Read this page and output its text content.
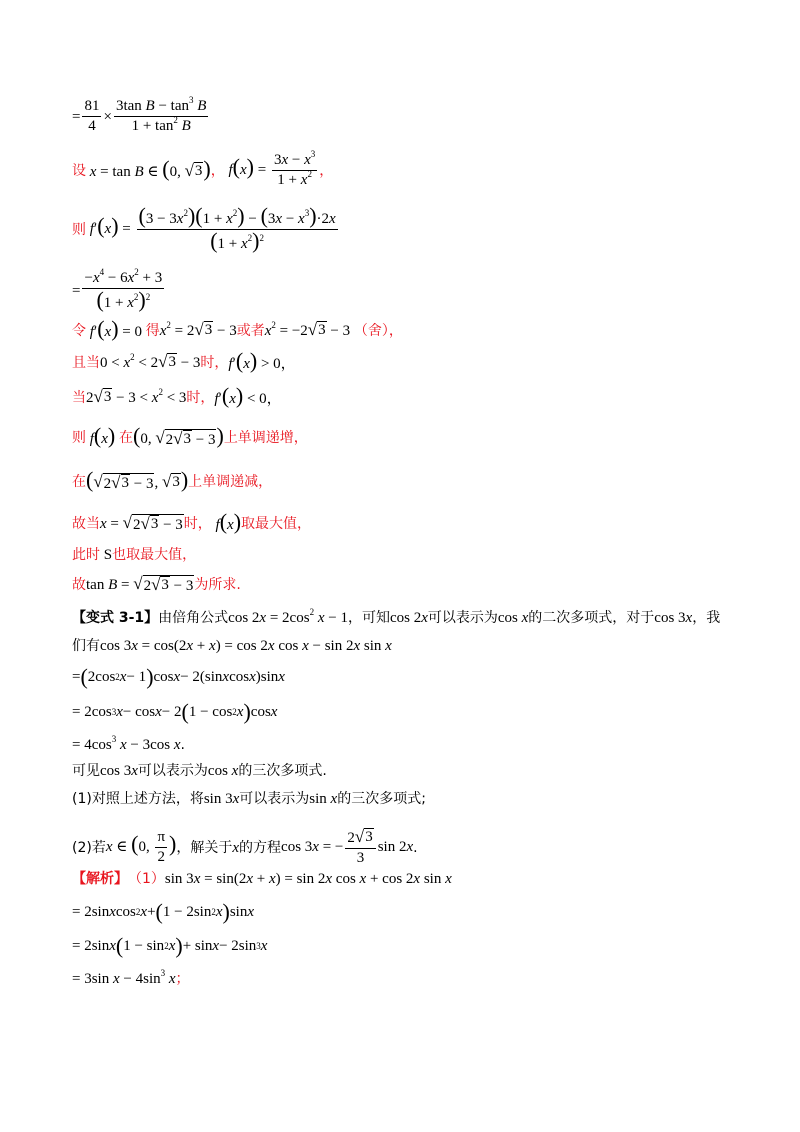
= $\frac{81}{4} \times \frac{3\tan B - \tan^3 B}{1 + \tan^2 B}$
设 x = tan B ∈ (0, √ 3 ) ， $f(x) = \frac{3x - x^3}{1 + x^2}$ ，
则 $f'(x) = \frac{(3 - 3x^2)(1 + x^2) - (3x - x^3)\cdot 2x}{(1 + x^2)^2}$
= $\frac{-x^4 - 6x^2 + 3}{(1 + x^2)^2}$
令 f′(x) = 0 得 $x^2 = 2$ √ 3 − 3 或者 $x^2 = -2$ √ 3 − 3 （舍），
且当 $0 < x^2 < 2$ √ 3 − 3 时， f′(x) > 0，
当 2 √ $3 - 3 < x^2 < 3$ 时， f′(x) < 0，
则 f(x) 在 (0, √ 2 √ 3 − 3 ) 上单调递增，
在 ( √ 2 √ 3 − 3 , √ 3 ) 上单调递减，
故当 x = √ 2 √ 3 − 3 时， f(x) 取最大值，
此时 S 也取最大值，
故 tan B = √ 2 √ 3 − 3 为所求.
【变式 3-1】 由倍角公式 $\cos 2x = 2\cos^2$ x − 1 ，可知 cos 2x 可以表示为 cos x 的二次多项式，对于 cos 3x ，我
们有 cos 3x = cos(2x + x) = cos 2x cos x − sin 2x sin x
= ( 2cos 2 x − 1 ) cos x − 2(sin x cos x )sin x
= 2cos 3 x − cos x − 2 ( 1 − cos 2 x ) cos x
= $4\cos^3$ x − 3cos x .
可见 cos 3x 可以表示为 cos x 的三次多项式.
(1)对照上述方法，将 sin 3x 可以表示为 sin x 的三次多项式;
(2)若 x ∈ (0, $\frac{\pi}{2}$ ) ，解关于 x 的方程 cos 3x = − $\frac{2 √ 3}{3}$ sin 2x .
【解析】 （1） sin 3x = sin(2x + x) = sin 2x cos x + cos 2x sin x
= 2sin x cos 2 x + ( 1 − 2sin 2 x ) sin x
= 2sin x ( 1 − sin 2 x ) + sin x − 2sin 3 x
= 3sin $x - 4\sin^3$ x ；
